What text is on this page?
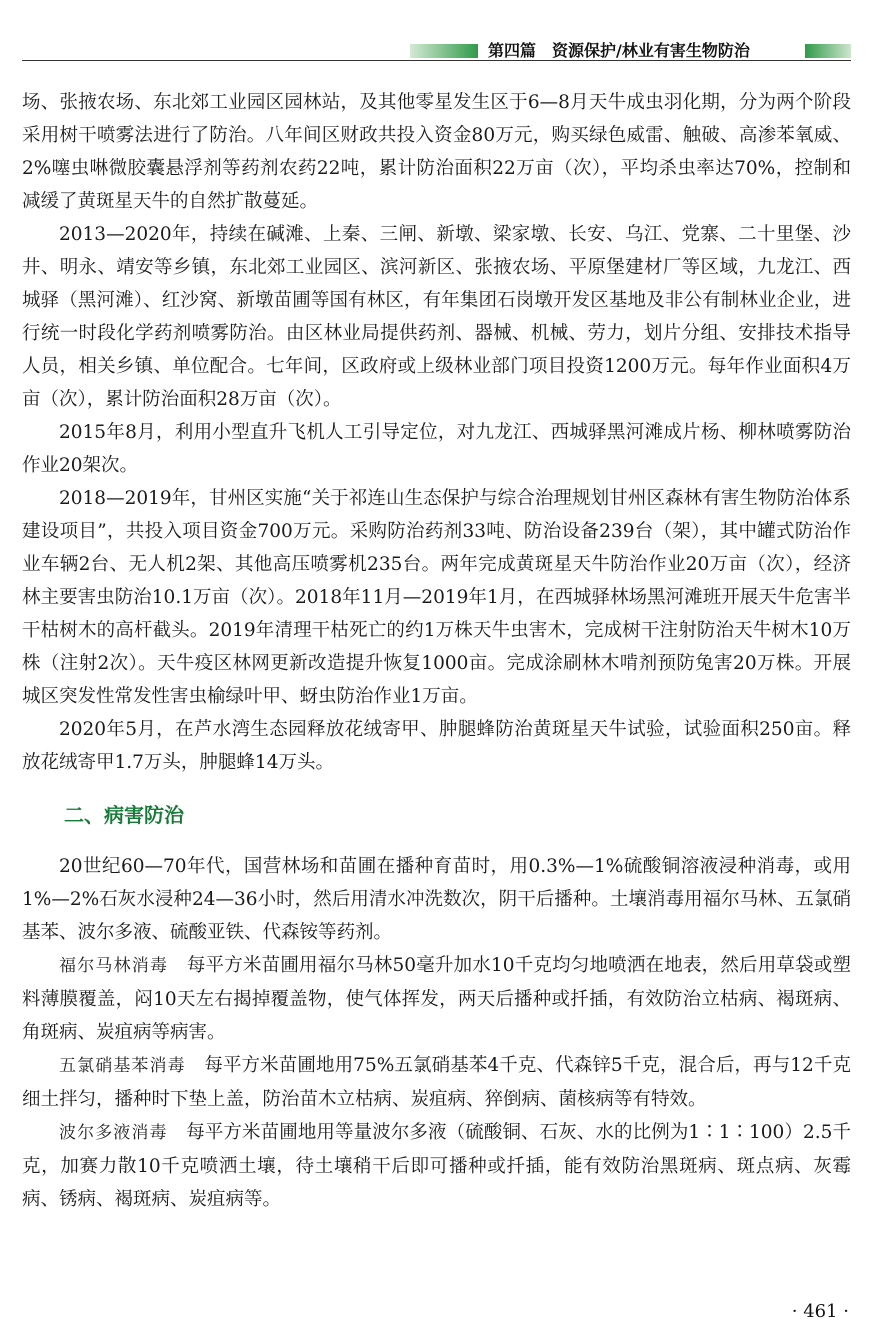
第四篇　资源保护/林业有害生物防治

场、张掖农场、东北郊工业园区园林站，及其他零星发生区于6—8月天牛成虫羽化期，分为两个阶段采用树干喷雾法进行了防治。八年间区财政共投入资金80万元，购买绿色威雷、触破、高渗苯氧威、2%噻虫啉微胶囊悬浮剂等药剂农药22吨，累计防治面积22万亩（次），平均杀虫率达70%，控制和减缓了黄斑星天牛的自然扩散蔓延。

2013—2020年，持续在碱滩、上秦、三闸、新墩、梁家墩、长安、乌江、党寨、二十里堡、沙井、明永、靖安等乡镇，东北郊工业园区、滨河新区、张掖农场、平原堡建材厂等区域，九龙江、西城驿（黑河滩）、红沙窝、新墩苗圃等国有林区，有年集团石岗墩开发区基地及非公有制林业企业，进行统一时段化学药剂喷雾防治。由区林业局提供药剂、器械、机械、劳力，划片分组、安排技术指导人员，相关乡镇、单位配合。七年间，区政府或上级林业部门项目投资1200万元。每年作业面积4万亩（次），累计防治面积28万亩（次）。

2015年8月，利用小型直升飞机人工引导定位，对九龙江、西城驿黑河滩成片杨、柳林喷雾防治作业20架次。

2018—2019年，甘州区实施“关于祁连山生态保护与综合治理规划甘州区森林有害生物防治体系建设项目”，共投入项目资金700万元。采购防治药剂33吨、防治设备239台（架），其中罐式防治作业车辆2台、无人机2架、其他高压喷雾机235台。两年完成黄斑星天牛防治作业20万亩（次），经济林主要害虫防治10.1万亩（次）。2018年11月—2019年1月，在西城驿林场黑河滩班开展天牛危害半干枯树木的高杆截头。2019年清理干枯死亡的约1万株天牛虫害木，完成树干注射防治天牛树木10万株（注射2次）。天牛疫区林网更新改造提升恢复1000亩。完成涂刷林木啃剂预防兔害20万株。开展城区突发性常发性害虫榆绿叶甲、蚜虫防治作业1万亩。

2020年5月，在芦水湾生态园释放花绒寄甲、肿腿蜂防治黄斑星天牛试验，试验面积250亩。释放花绒寄甲1.7万头，肿腿蜂14万头。

二、病害防治

20世纪60—70年代，国营林场和苗圃在播种育苗时，用0.3%—1%硫酸铜溶液浸种消毒，或用1%—2%石灰水浸种24—36小时，然后用清水冲洗数次，阴干后播种。土壤消毒用福尔马林、五氯硝基苯、波尔多液、硫酸亚铁、代森铵等药剂。

福尔马林消毒　 每平方米苗圃用福尔马林50毫升加水10千克均匀地喷洒在地表，然后用草袋或塑料薄膜覆盖，闷10天左右揭掉覆盖物，使气体挥发，两天后播种或扦插，有效防治立枯病、褐斑病、角斑病、炭疽病等病害。

五氯硝基苯消毒　 每平方米苗圃地用75%五氯硝基苯4千克、代森锌5千克，混合后，再与12千克细土拌匀，播种时下垫上盖，防治苗木立枯病、炭疽病、猝倒病、菌核病等有特效。

波尔多液消毒　 每平方米苗圃地用等量波尔多液（硫酸铜、石灰、水的比例为1∶1∶100）2.5千克，加赛力散10千克喷洒土壤，待土壤稍干后即可播种或扦插，能有效防治黑斑病、斑点病、灰霉病、锈病、褐斑病、炭疽病等。

· 461 ·
